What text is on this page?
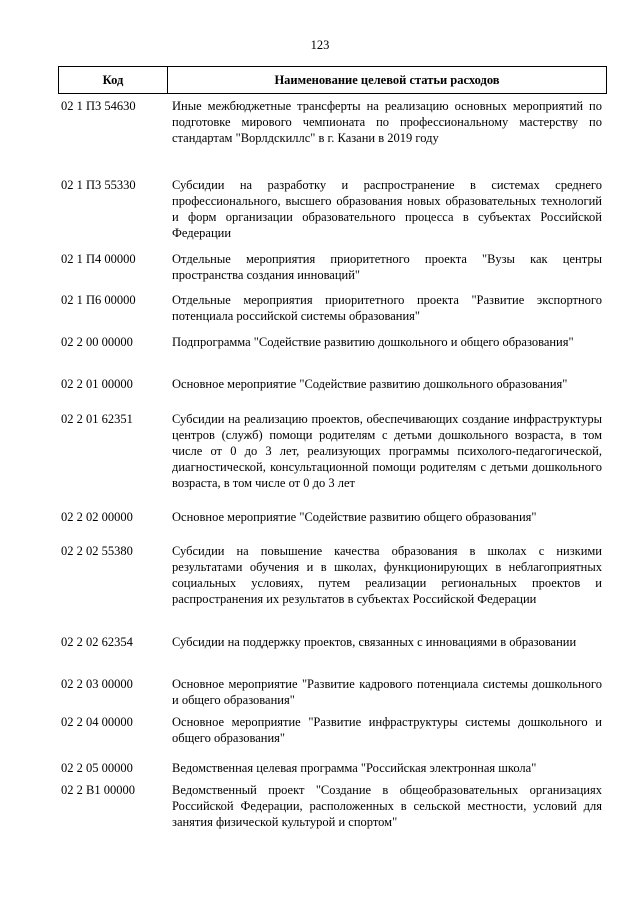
123
Код	Наименование целевой статьи расходов
02 1 П3 54630	Иные межбюджетные трансферты на реализацию основных мероприятий по подготовке мирового чемпионата по профессиональному мастерству по стандартам "Ворлдскиллс" в г. Казани в 2019 году
02 1 П3 55330	Субсидии на разработку и распространение в системах среднего профессионального, высшего образования новых образовательных технологий и форм организации образовательного процесса в субъектах Российской Федерации
02 1 П4 00000	Отдельные мероприятия приоритетного проекта "Вузы как центры пространства создания инноваций"
02 1 П6 00000	Отдельные мероприятия приоритетного проекта "Развитие экспортного потенциала российской системы образования"
02 2 00 00000	Подпрограмма "Содействие развитию дошкольного и общего образования"
02 2 01 00000	Основное мероприятие "Содействие развитию дошкольного образования"
02 2 01 62351	Субсидии на реализацию проектов, обеспечивающих создание инфраструктуры центров (служб) помощи родителям с детьми дошкольного возраста, в том числе от 0 до 3 лет, реализующих программы психолого-педагогической, диагностической, консультационной помощи родителям с детьми дошкольного возраста, в том числе от 0 до 3 лет
02 2 02 00000	Основное мероприятие "Содействие развитию общего образования"
02 2 02 55380	Субсидии на повышение качества образования в школах с низкими результатами обучения и в школах, функционирующих в неблагоприятных социальных условиях, путем реализации региональных проектов и распространения их результатов в субъектах Российской Федерации
02 2 02 62354	Субсидии на поддержку проектов, связанных с инновациями в образовании
02 2 03 00000	Основное мероприятие "Развитие кадрового потенциала системы дошкольного и общего образования"
02 2 04 00000	Основное мероприятие "Развитие инфраструктуры системы дошкольного и общего образования"
02 2 05 00000	Ведомственная целевая программа "Российская электронная школа"
02 2 В1 00000	Ведомственный проект "Создание в общеобразовательных организациях Российской Федерации, расположенных в сельской местности, условий для занятия физической культурой и спортом"
